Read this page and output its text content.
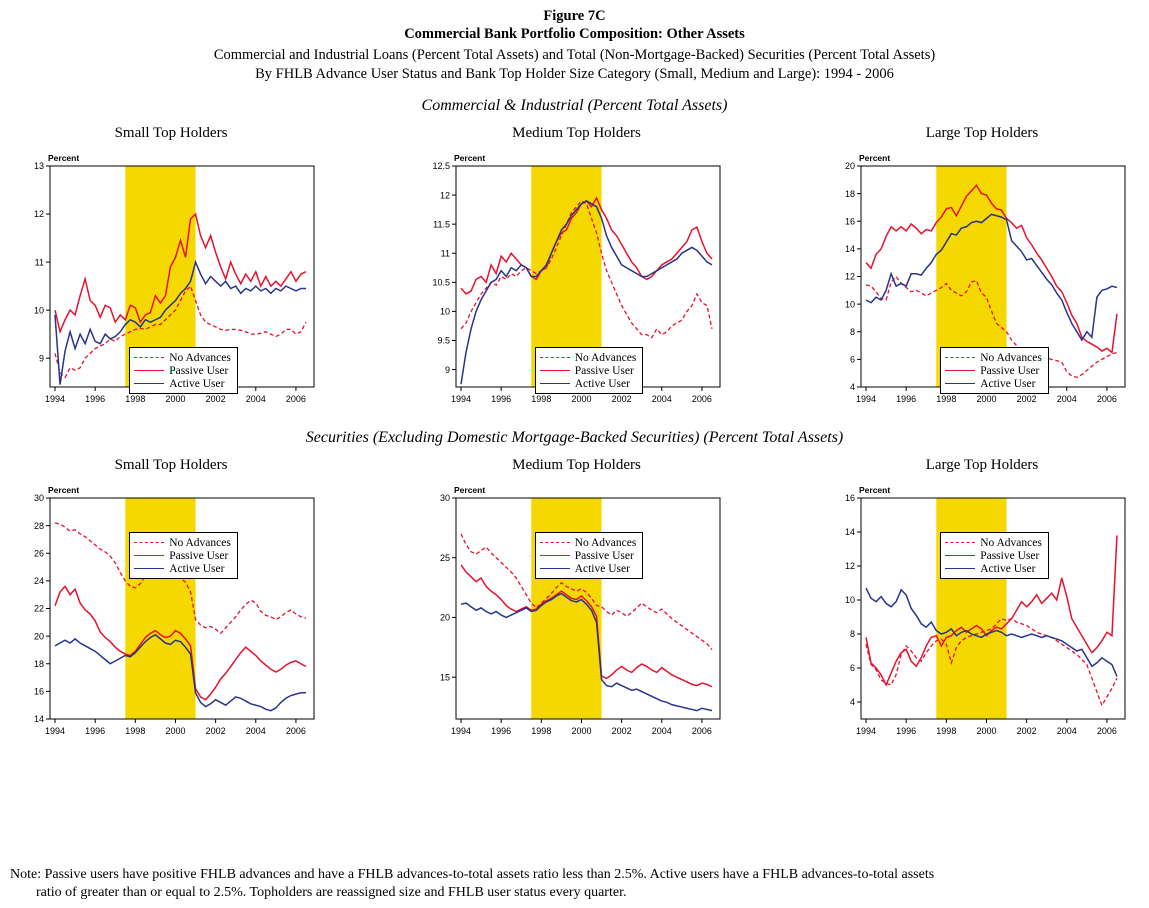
Figure 7C
Commercial Bank Portfolio Composition: Other Assets
Commercial and Industrial Loans (Percent Total Assets) and Total (Non-Mortgage-Backed) Securities (Percent Total Assets)
By FHLB Advance User Status and Bank Top Holder Size Category (Small, Medium and Large): 1994 - 2006
Commercial & Industrial (Percent Total Assets)
Small Top Holders
9
10
11
12
13
1994 1996 1998 2000 2002 2004 2006
Percent
No Advances
Passive User
Active User
Medium Top Holders
9
9.5
10
10.5
11
11.5
12
12.5
1994 1996 1998 2000 2002 2004 2006
Percent
No Advances
Passive User
Active User
Large Top Holders
4
6
8
10
12
14
16
18
20
1994 1996 1998 2000 2002 2004 2006
Percent
No Advances
Passive User
Active User
Securities (Excluding Domestic Mortgage-Backed Securities) (Percent Total Assets)
Small Top Holders
14
16
18
20
22
24
26
28
30
1994 1996 1998 2000 2002 2004 2006
Percent
No Advances
Passive User
Active User
Medium Top Holders
15
20
25
30
1994 1996 1998 2000 2002 2004 2006
Percent
No Advances
Passive User
Active User
Large Top Holders
4
6
8
10
12
14
16
1994 1996 1998 2000 2002 2004 2006
Percent
No Advances
Passive User
Active User
Note: Passive users have positive FHLB advances and have a FHLB advances-to-total assets ratio less than 2.5%. Active users have a FHLB advances-to-total assets
ratio of greater than or equal to 2.5%. Topholders are reassigned size and FHLB user status every quarter.
